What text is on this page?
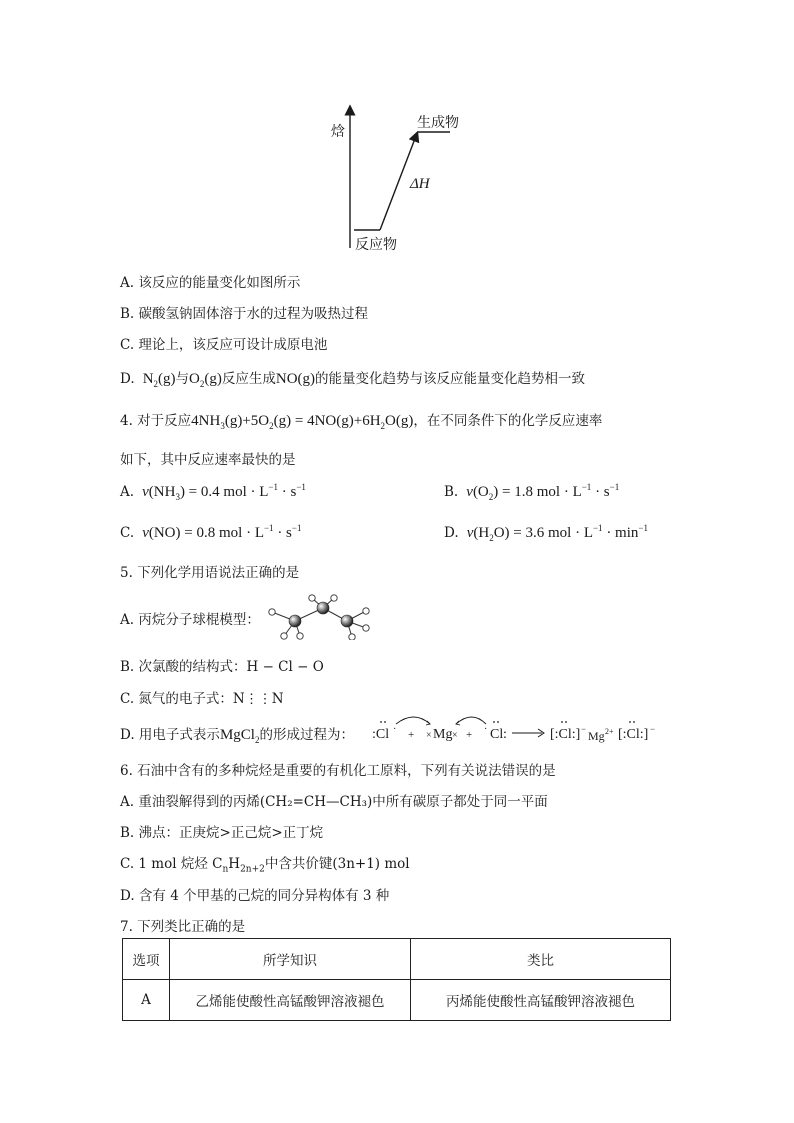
焓
生成物
ΔH
反应物
A. 该反应的能量变化如图所示
B. 碳酸氢钠固体溶于水的过程为吸热过程
C. 理论上，该反应可设计成原电池
D. $N_2(g)$与$O_2(g)$反应生成NO(g)的能量变化趋势与该反应能量变化趋势相一致
4. 对于反应$4NH_3(g)+5O_2(g) = 4NO(g)+6H_2O(g)$，在不同条件下的化学反应速率
如下，其中反应速率最快的是
A. $v(NH_3) = 0.4$ mol · $L^{-1} \cdot s^{-1}$	B. $v(O_2) = 1.8$ mol · $L^{-1} \cdot s^{-1}$
C. v(NO) = 0.8 mol · $L^{-1} \cdot s^{-1}$	D. $v(H_2O) = 3.6$ mol · $L^{-1} \cdot \min^{-1}$
5. 下列化学用语说法正确的是
A. 丙烷分子球棍模型：
B. 次氯酸的结构式：H − Cl − O
C. 氮气的电子式：N⋮⋮N
D. 用电子式表示MgCl$_2$的形成过程为： :Cl · + × Mg × + · Cl :	[:Cl:] − Mg 2+ [:Cl:] −
6. 石油中含有的多种烷烃是重要的有机化工原料，下列有关说法错误的是
A. 重油裂解得到的丙烯(CH₂=CH—CH₃)中所有碳原子都处于同一平面
B. 沸点：正庚烷>正己烷>正丁烷
C. 1 mol 烷烃 $C_nH_{2n+2}$中含共价键(3n+1) mol
D. 含有 4 个甲基的己烷的同分异构体有 3 种
7. 下列类比正确的是
选项	所学知识	类比
A	乙烯能使酸性高锰酸钾溶液褪色	丙烯能使酸性高锰酸钾溶液褪色
